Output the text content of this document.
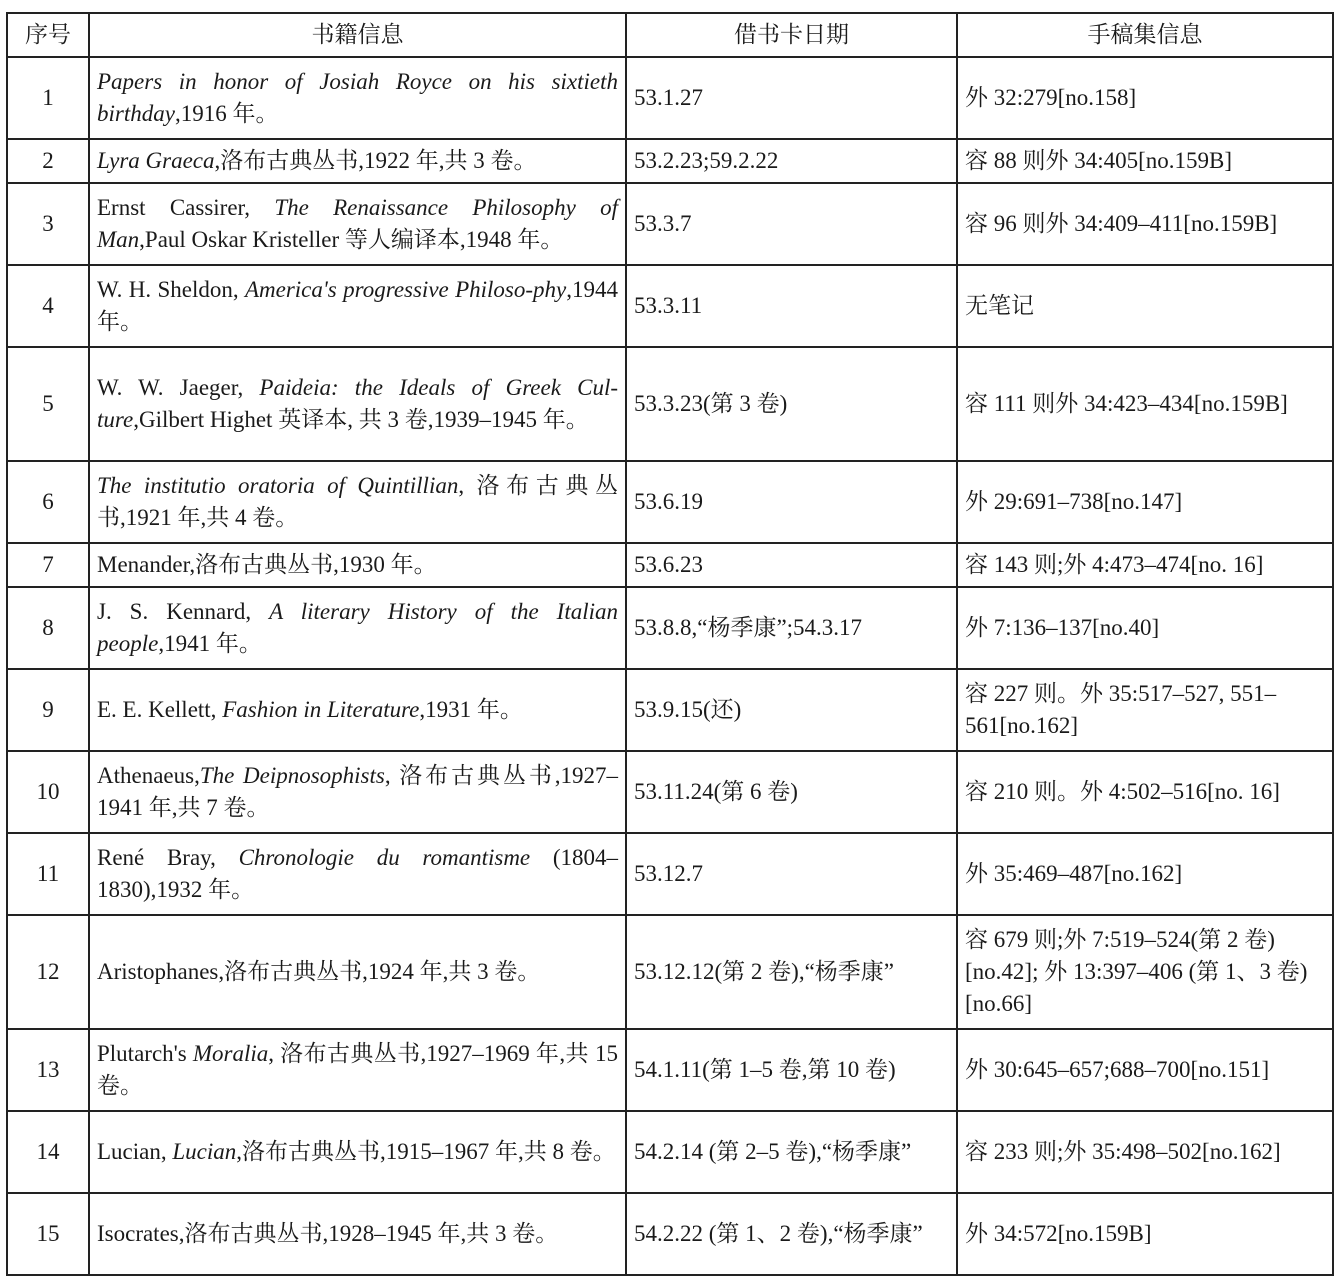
序号	书籍信息	借书卡日期	手稿集信息
1	Papers in honor of Josiah Royce on his sixtieth birthday,1916 年。	53.1.27	外 32:279[no.158]
2	Lyra Graeca,洛布古典丛书,1922 年,共 3 卷。	53.2.23;59.2.22	容 88 则外 34:405[no.159B]
3	Ernst Cassirer, The Renaissance Philosophy of Man,Paul Oskar Kristeller 等人编译本,1948 年。	53.3.7	容 96 则外 34:409–411[no.159B]
4	W. H. Sheldon, America's progressive Philoso-phy,1944 年。	53.3.11	无笔记
5	W. W. Jaeger, Paideia: the Ideals of Greek Cul-ture,Gilbert Highet 英译本, 共 3 卷,1939–1945 年。	53.3.23(第 3 卷)	容 111 则外 34:423–434[no.159B]
6	The institutio oratoria of Quintillian, 洛布古典丛书,1921 年,共 4 卷。	53.6.19	外 29:691–738[no.147]
7	Menander,洛布古典丛书,1930 年。	53.6.23	容 143 则;外 4:473–474[no. 16]
8	J. S. Kennard, A literary History of the Italian people,1941 年。	53.8.8,“杨季康”;54.3.17	外 7:136–137[no.40]
9	E. E. Kellett, Fashion in Literature,1931 年。	53.9.15(还)	容 227 则。外 35:517–527, 551–561[no.162]
10	Athenaeus,The Deipnosophists, 洛布古典丛书,1927–1941 年,共 7 卷。	53.11.24(第 6 卷)	容 210 则。外 4:502–516[no. 16]
11	René Bray, Chronologie du romantisme (1804–1830),1932 年。	53.12.7	外 35:469–487[no.162]
12	Aristophanes,洛布古典丛书,1924 年,共 3 卷。	53.12.12(第 2 卷),“杨季康”	容 679 则;外 7:519–524(第 2 卷)[no.42]; 外 13:397–406 (第 1、3 卷)[no.66]
13	Plutarch's Moralia, 洛布古典丛书,1927–1969 年,共 15 卷。	54.1.11(第 1–5 卷,第 10 卷)	外 30:645–657;688–700[no.151]
14	Lucian, Lucian,洛布古典丛书,1915–1967 年,共 8 卷。	54.2.14 (第 2–5 卷),“杨季康”	容 233 则;外 35:498–502[no.162]
15	Isocrates,洛布古典丛书,1928–1945 年,共 3 卷。	54.2.22 (第 1、2 卷),“杨季康”	外 34:572[no.159B]
